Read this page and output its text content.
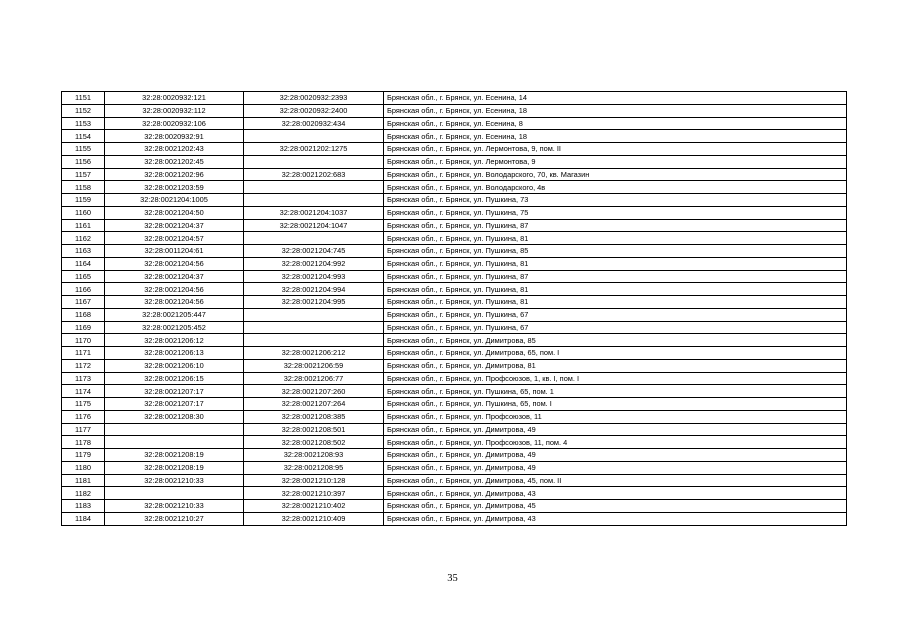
1151	32:28:0020932:121	32:28:0020932:2393	Брянская обл., г. Брянск, ул. Есенина, 14
1152	32:28:0020932:112	32:28:0020932:2400	Брянская обл., г. Брянск, ул. Есенина, 18
1153	32:28:0020932:106	32:28:0020932:434	Брянская обл., г. Брянск, ул. Есенина, 8
1154	32:28:0020932:91		Брянская обл., г. Брянск, ул. Есенина, 18
1155	32:28:0021202:43	32:28:0021202:1275	Брянская обл., г. Брянск, ул. Лермонтова, 9, пом. II
1156	32:28:0021202:45		Брянская обл., г. Брянск, ул. Лермонтова, 9
1157	32:28:0021202:96	32:28:0021202:683	Брянская обл., г. Брянск, ул. Володарского, 70, кв. Магазин
1158	32:28:0021203:59		Брянская обл., г. Брянск, ул. Володарского, 4в
1159	32:28:0021204:1005		Брянская обл., г. Брянск, ул. Пушкина, 73
1160	32:28:0021204:50	32:28:0021204:1037	Брянская обл., г. Брянск, ул. Пушкина, 75
1161	32:28:0021204:37	32:28:0021204:1047	Брянская обл., г. Брянск, ул. Пушкина, 87
1162	32:28:0021204:57		Брянская обл., г. Брянск, ул. Пушкина, 81
1163	32:28:0011204:61	32:28:0021204:745	Брянская обл., г. Брянск, ул. Пушкина, 85
1164	32:28:0021204:56	32:28:0021204:992	Брянская обл., г. Брянск, ул. Пушкина, 81
1165	32:28:0021204:37	32:28:0021204:993	Брянская обл., г. Брянск, ул. Пушкина, 87
1166	32:28:0021204:56	32:28:0021204:994	Брянская обл., г. Брянск, ул. Пушкина, 81
1167	32:28:0021204:56	32:28:0021204:995	Брянская обл., г. Брянск, ул. Пушкина, 81
1168	32:28:0021205:447		Брянская обл., г. Брянск, ул. Пушкина, 67
1169	32:28:0021205:452		Брянская обл., г. Брянск, ул. Пушкина, 67
1170	32:28:0021206:12		Брянская обл., г. Брянск, ул. Димитрова, 85
1171	32:28:0021206:13	32:28:0021206:212	Брянская обл., г. Брянск, ул. Димитрова, 65, пом. I
1172	32:28:0021206:10	32:28:0021206:59	Брянская обл., г. Брянск, ул. Димитрова, 81
1173	32:28:0021206:15	32:28:0021206:77	Брянская обл., г. Брянск, ул. Профсоюзов, 1, кв. I, пом. I
1174	32:28:0021207:17	32:28:0021207:260	Брянская обл., г. Брянск, ул. Пушкина, 65, пом. 1
1175	32:28:0021207:17	32:28:0021207:264	Брянская обл., г. Брянск, ул. Пушкина, 65, пом. I
1176	32:28:0021208:30	32:28:0021208:385	Брянская обл., г. Брянск, ул. Профсоюзов, 11
1177		32:28:0021208:501	Брянская обл., г. Брянск, ул. Димитрова, 49
1178		32:28:0021208:502	Брянская обл., г. Брянск, ул. Профсоюзов, 11, пом. 4
1179	32:28:0021208:19	32:28:0021208:93	Брянская обл., г. Брянск, ул. Димитрова, 49
1180	32:28:0021208:19	32:28:0021208:95	Брянская обл., г. Брянск, ул. Димитрова, 49
1181	32:28:0021210:33	32:28:0021210:128	Брянская обл., г. Брянск, ул. Димитрова, 45, пом. II
1182		32:28:0021210:397	Брянская обл., г. Брянск, ул. Димитрова, 43
1183	32:28:0021210:33	32:28:0021210:402	Брянская обл., г. Брянск, ул. Димитрова, 45
1184	32:28:0021210:27	32:28:0021210:409	Брянская обл., г. Брянск, ул. Димитрова, 43
35
